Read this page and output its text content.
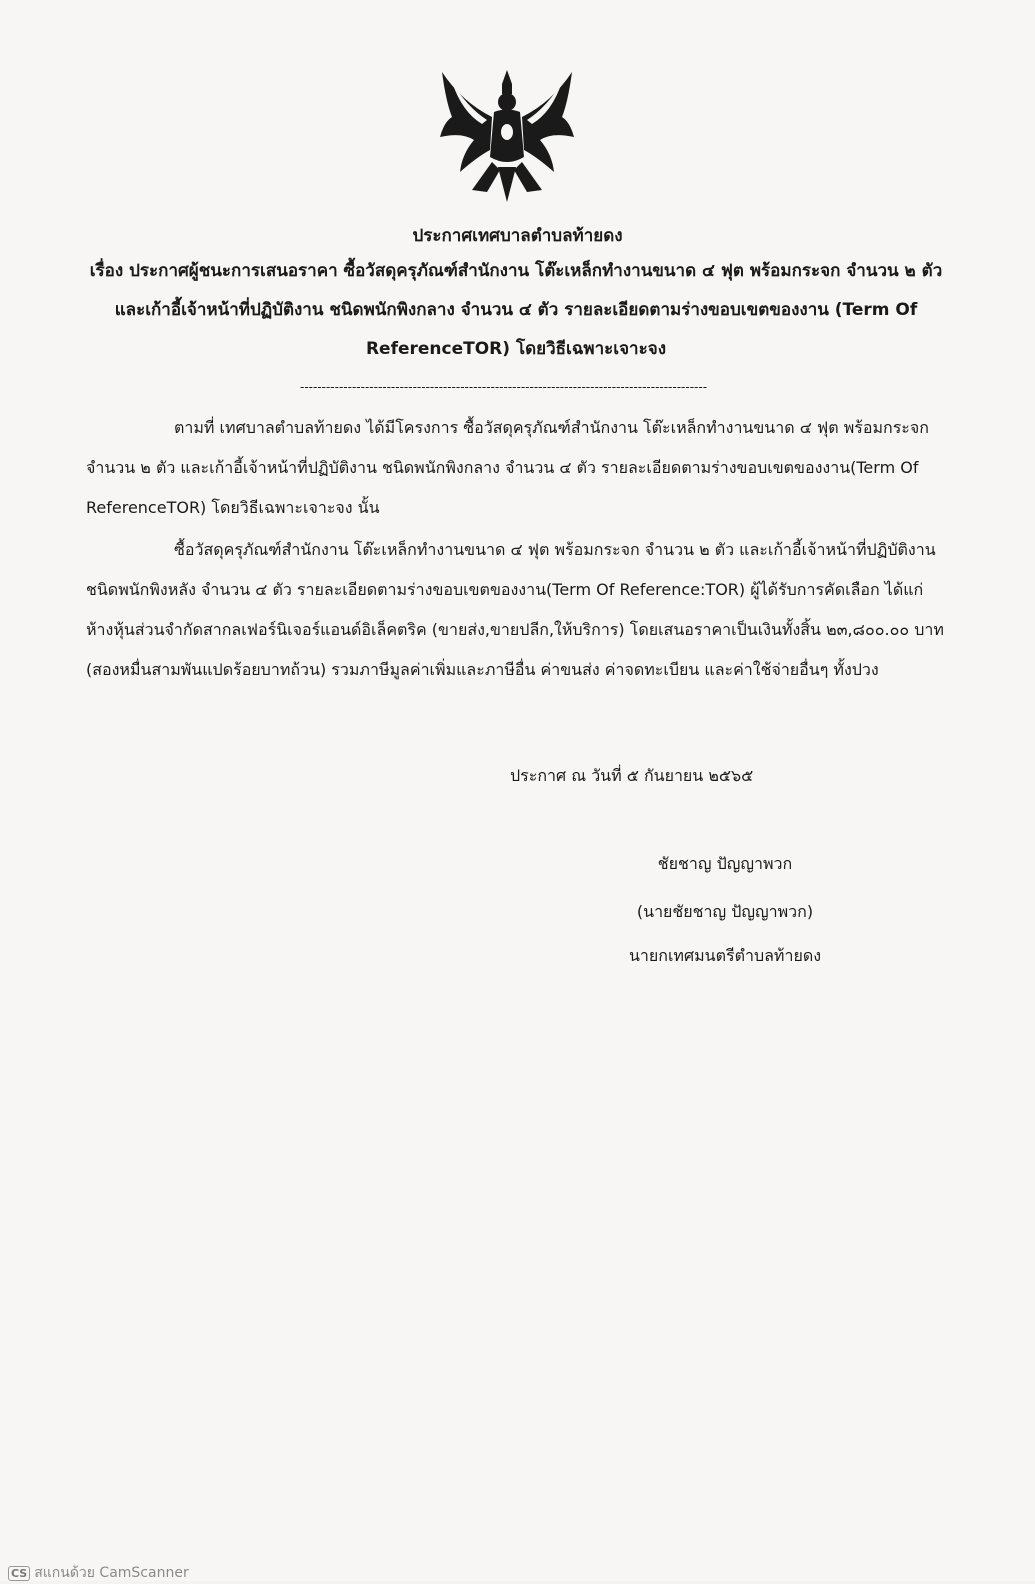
ประกาศเทศบาลตำบลท้ายดง
เรื่อง ประกาศผู้ชนะการเสนอราคา ซื้อวัสดุครุภัณฑ์สำนักงาน โต๊ะเหล็กทำงานขนาด ๔ ฟุต พร้อมกระจก จำนวน ๒ ตัว และเก้าอี้เจ้าหน้าที่ปฏิบัติงาน ชนิดพนักพิงกลาง จำนวน ๔ ตัว รายละเอียดตามร่างขอบเขตของงาน (Term Of ReferenceTOR) โดยวิธีเฉพาะเจาะจง
----------------------------------------------------------------------------------------------
ตามที่ เทศบาลตำบลท้ายดง ได้มีโครงการ ซื้อวัสดุครุภัณฑ์สำนักงาน โต๊ะเหล็กทำงานขนาด ๔ ฟุต พร้อมกระจก จำนวน ๒ ตัว และเก้าอี้เจ้าหน้าที่ปฏิบัติงาน ชนิดพนักพิงกลาง จำนวน ๔ ตัว รายละเอียดตามร่างขอบเขตของงาน(Term Of ReferenceTOR) โดยวิธีเฉพาะเจาะจง นั้น
ซื้อวัสดุครุภัณฑ์สำนักงาน โต๊ะเหล็กทำงานขนาด ๔ ฟุต พร้อมกระจก จำนวน ๒ ตัว และเก้าอี้เจ้าหน้าที่ปฏิบัติงานชนิดพนักพิงหลัง จำนวน ๔ ตัว รายละเอียดตามร่างขอบเขตของงาน(Term Of Reference:TOR) ผู้ได้รับการคัดเลือก ได้แก่ ห้างหุ้นส่วนจำกัดสากลเฟอร์นิเจอร์แอนด์อิเล็คตริค (ขายส่ง,ขายปลีก,ให้บริการ) โดยเสนอราคาเป็นเงินทั้งสิ้น ๒๓,๘๐๐.๐๐ บาท (สองหมื่นสามพันแปดร้อยบาทถ้วน) รวมภาษีมูลค่าเพิ่มและภาษีอื่น ค่าขนส่ง ค่าจดทะเบียน และค่าใช้จ่ายอื่นๆ ทั้งปวง
ประกาศ ณ วันที่ ๕ กันยายน ๒๕๖๕
ชัยชาญ ปัญญาพวก
(นายชัยชาญ ปัญญาพวก)
นายกเทศมนตรีตำบลท้ายดง
CS สแกนด้วย CamScanner
